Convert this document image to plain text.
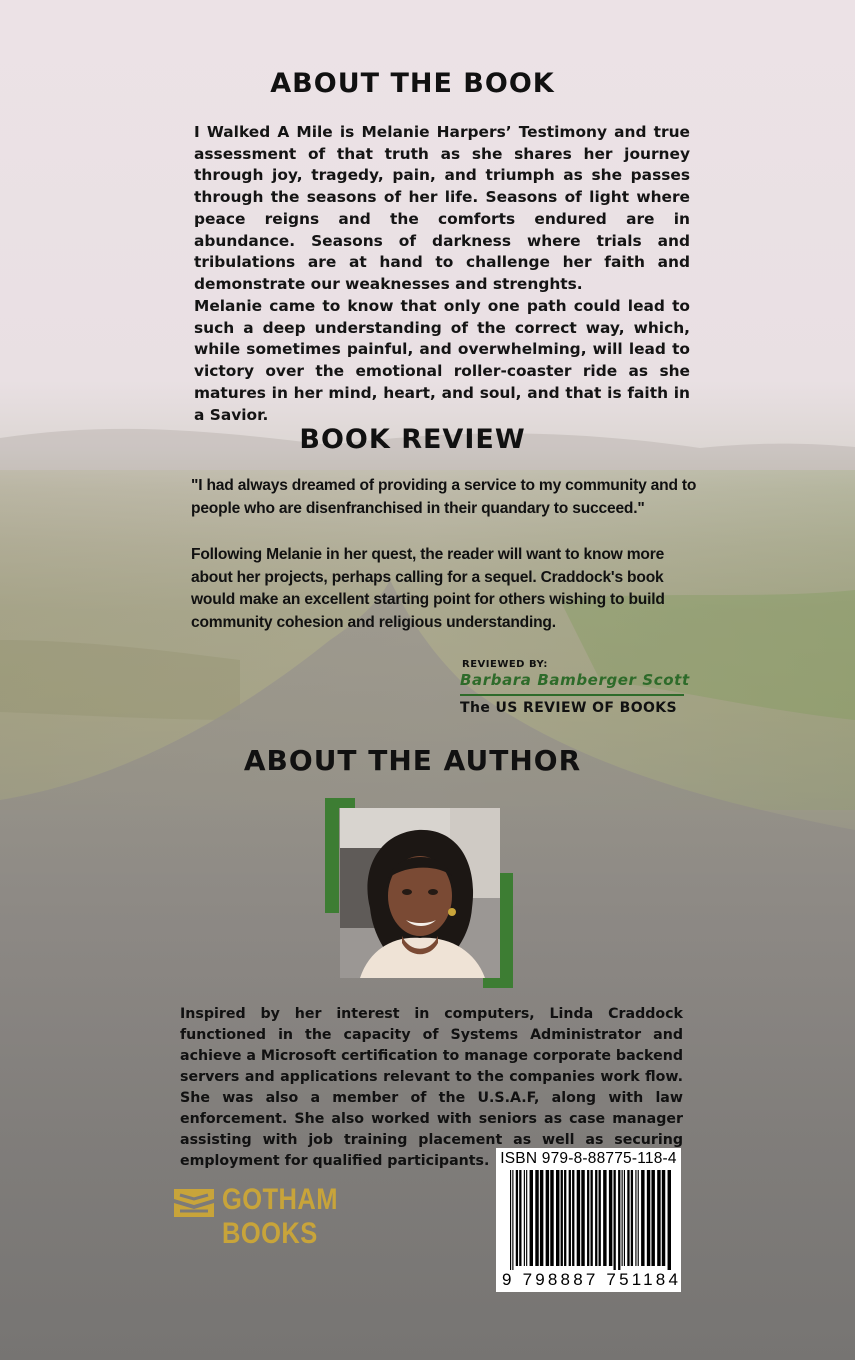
ABOUT THE BOOK

I Walked A Mile is Melanie Harpers’ Testimony and true assessment of that truth as she shares her journey through joy, tragedy, pain, and triumph as she passes through the seasons of her life. Seasons of light where peace reigns and the comforts endured are in abundance. Seasons of darkness where trials and tribulations are at hand to challenge her faith and demonstrate our weaknesses and strenghts.

Melanie came to know that only one path could lead to such a deep understanding of the correct way, which, while sometimes painful, and overwhelming, will lead to victory over the emotional roller-coaster ride as she matures in her mind, heart, and soul, and that is faith in a Savior.

BOOK REVIEW

"I had always dreamed of providing a service to my community and to people who are disenfranchised in their quandary to succeed."

Following Melanie in her quest, the reader will want to know more about her projects, perhaps calling for a sequel. Craddock's book would make an excellent starting point for others wishing to build community cohesion and religious understanding.

REVIEWED BY:

Barbara Bamberger Scott

The US REVIEW OF BOOKS

ABOUT THE AUTHOR

Inspired by her interest in computers, Linda Craddock functioned in the capacity of Systems Administrator and achieve a Microsoft certification to manage corporate backend servers and applications relevant to the companies work flow. She was also a member of the U.S.A.F, along with law enforcement. She also worked with seniors as case manager assisting with job training placement as well as securing employment for qualified participants.

GOTHAM BOOKS
ISBN 979-8-88775-118-4
9 798887 751184
